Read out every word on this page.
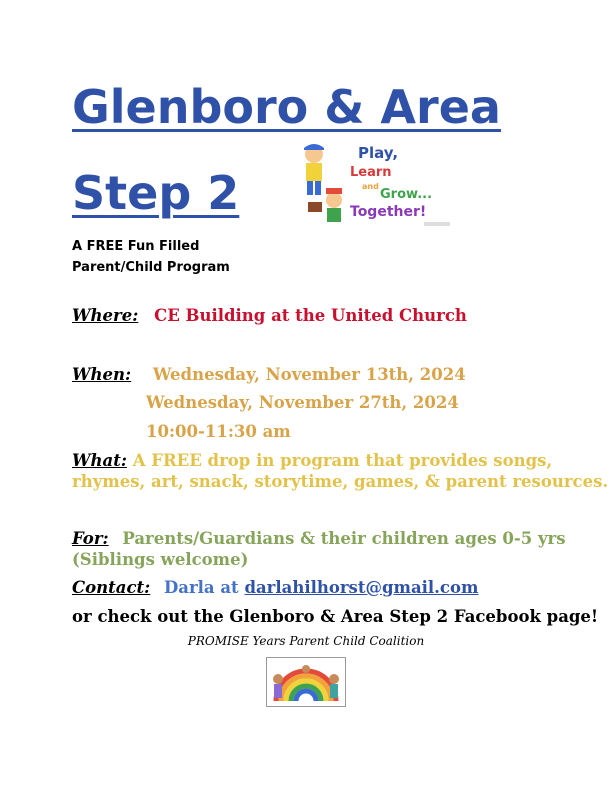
Glenboro & Area
Step 2
Play,
Learn
and
Grow...
Together!
A FREE Fun Filled
Parent/Child Program
Where: CE Building at the United Church
When: Wednesday, November 13th, 2024
Wednesday, November 27th, 2024
10:00-11:30 am
What: A FREE drop in program that provides songs,
rhymes, art, snack, storytime, games, & parent resources.
For: Parents/Guardians & their children ages 0-5 yrs
(Siblings welcome)
Contact: Darla at darlahilhorst@gmail.com
or check out the Glenboro & Area Step 2 Facebook page!
PROMISE Years Parent Child Coalition
